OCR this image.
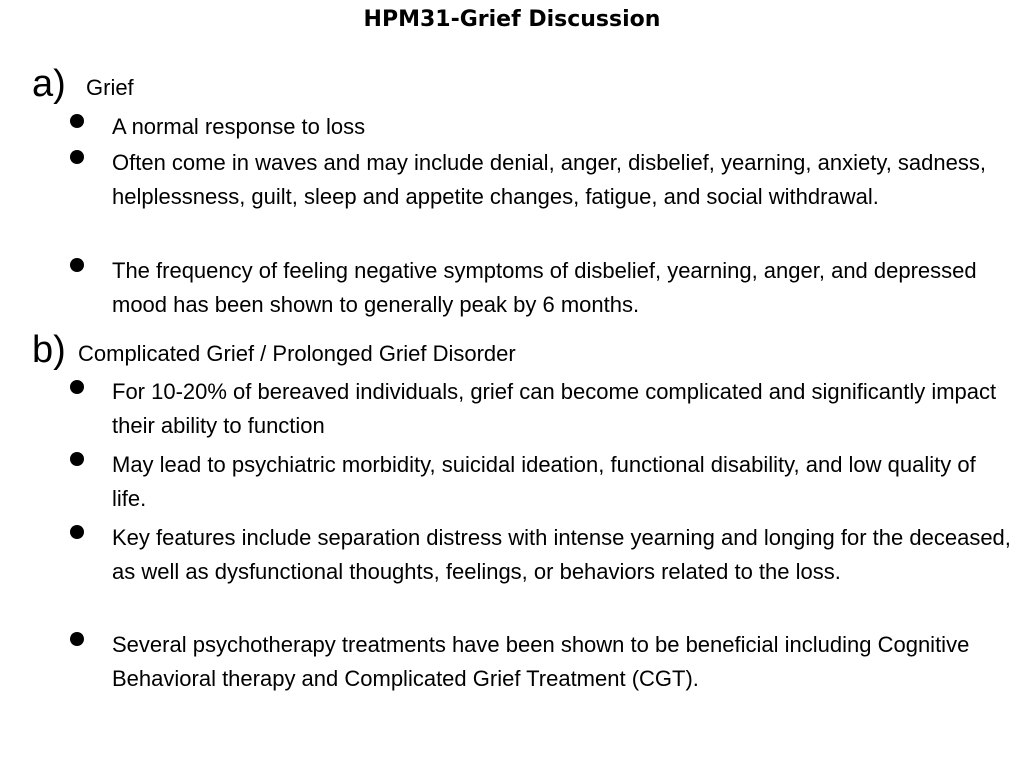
HPM31-Grief Discussion
a) Grief
A normal response to loss
Often come in waves and may include denial, anger, disbelief, yearning, anxiety, sadness, helplessness, guilt, sleep and appetite changes, fatigue, and social withdrawal.
The frequency of feeling negative symptoms of disbelief, yearning, anger, and depressed mood has been shown to generally peak by 6 months.
b) Complicated Grief / Prolonged Grief Disorder
For 10-20% of bereaved individuals, grief can become complicated and significantly impact their ability to function
May lead to psychiatric morbidity, suicidal ideation, functional disability, and low quality of life.
Key features include separation distress with intense yearning and longing for the deceased, as well as dysfunctional thoughts, feelings, or behaviors related to the loss.
Several psychotherapy treatments have been shown to be beneficial including Cognitive Behavioral therapy and Complicated Grief Treatment (CGT).
